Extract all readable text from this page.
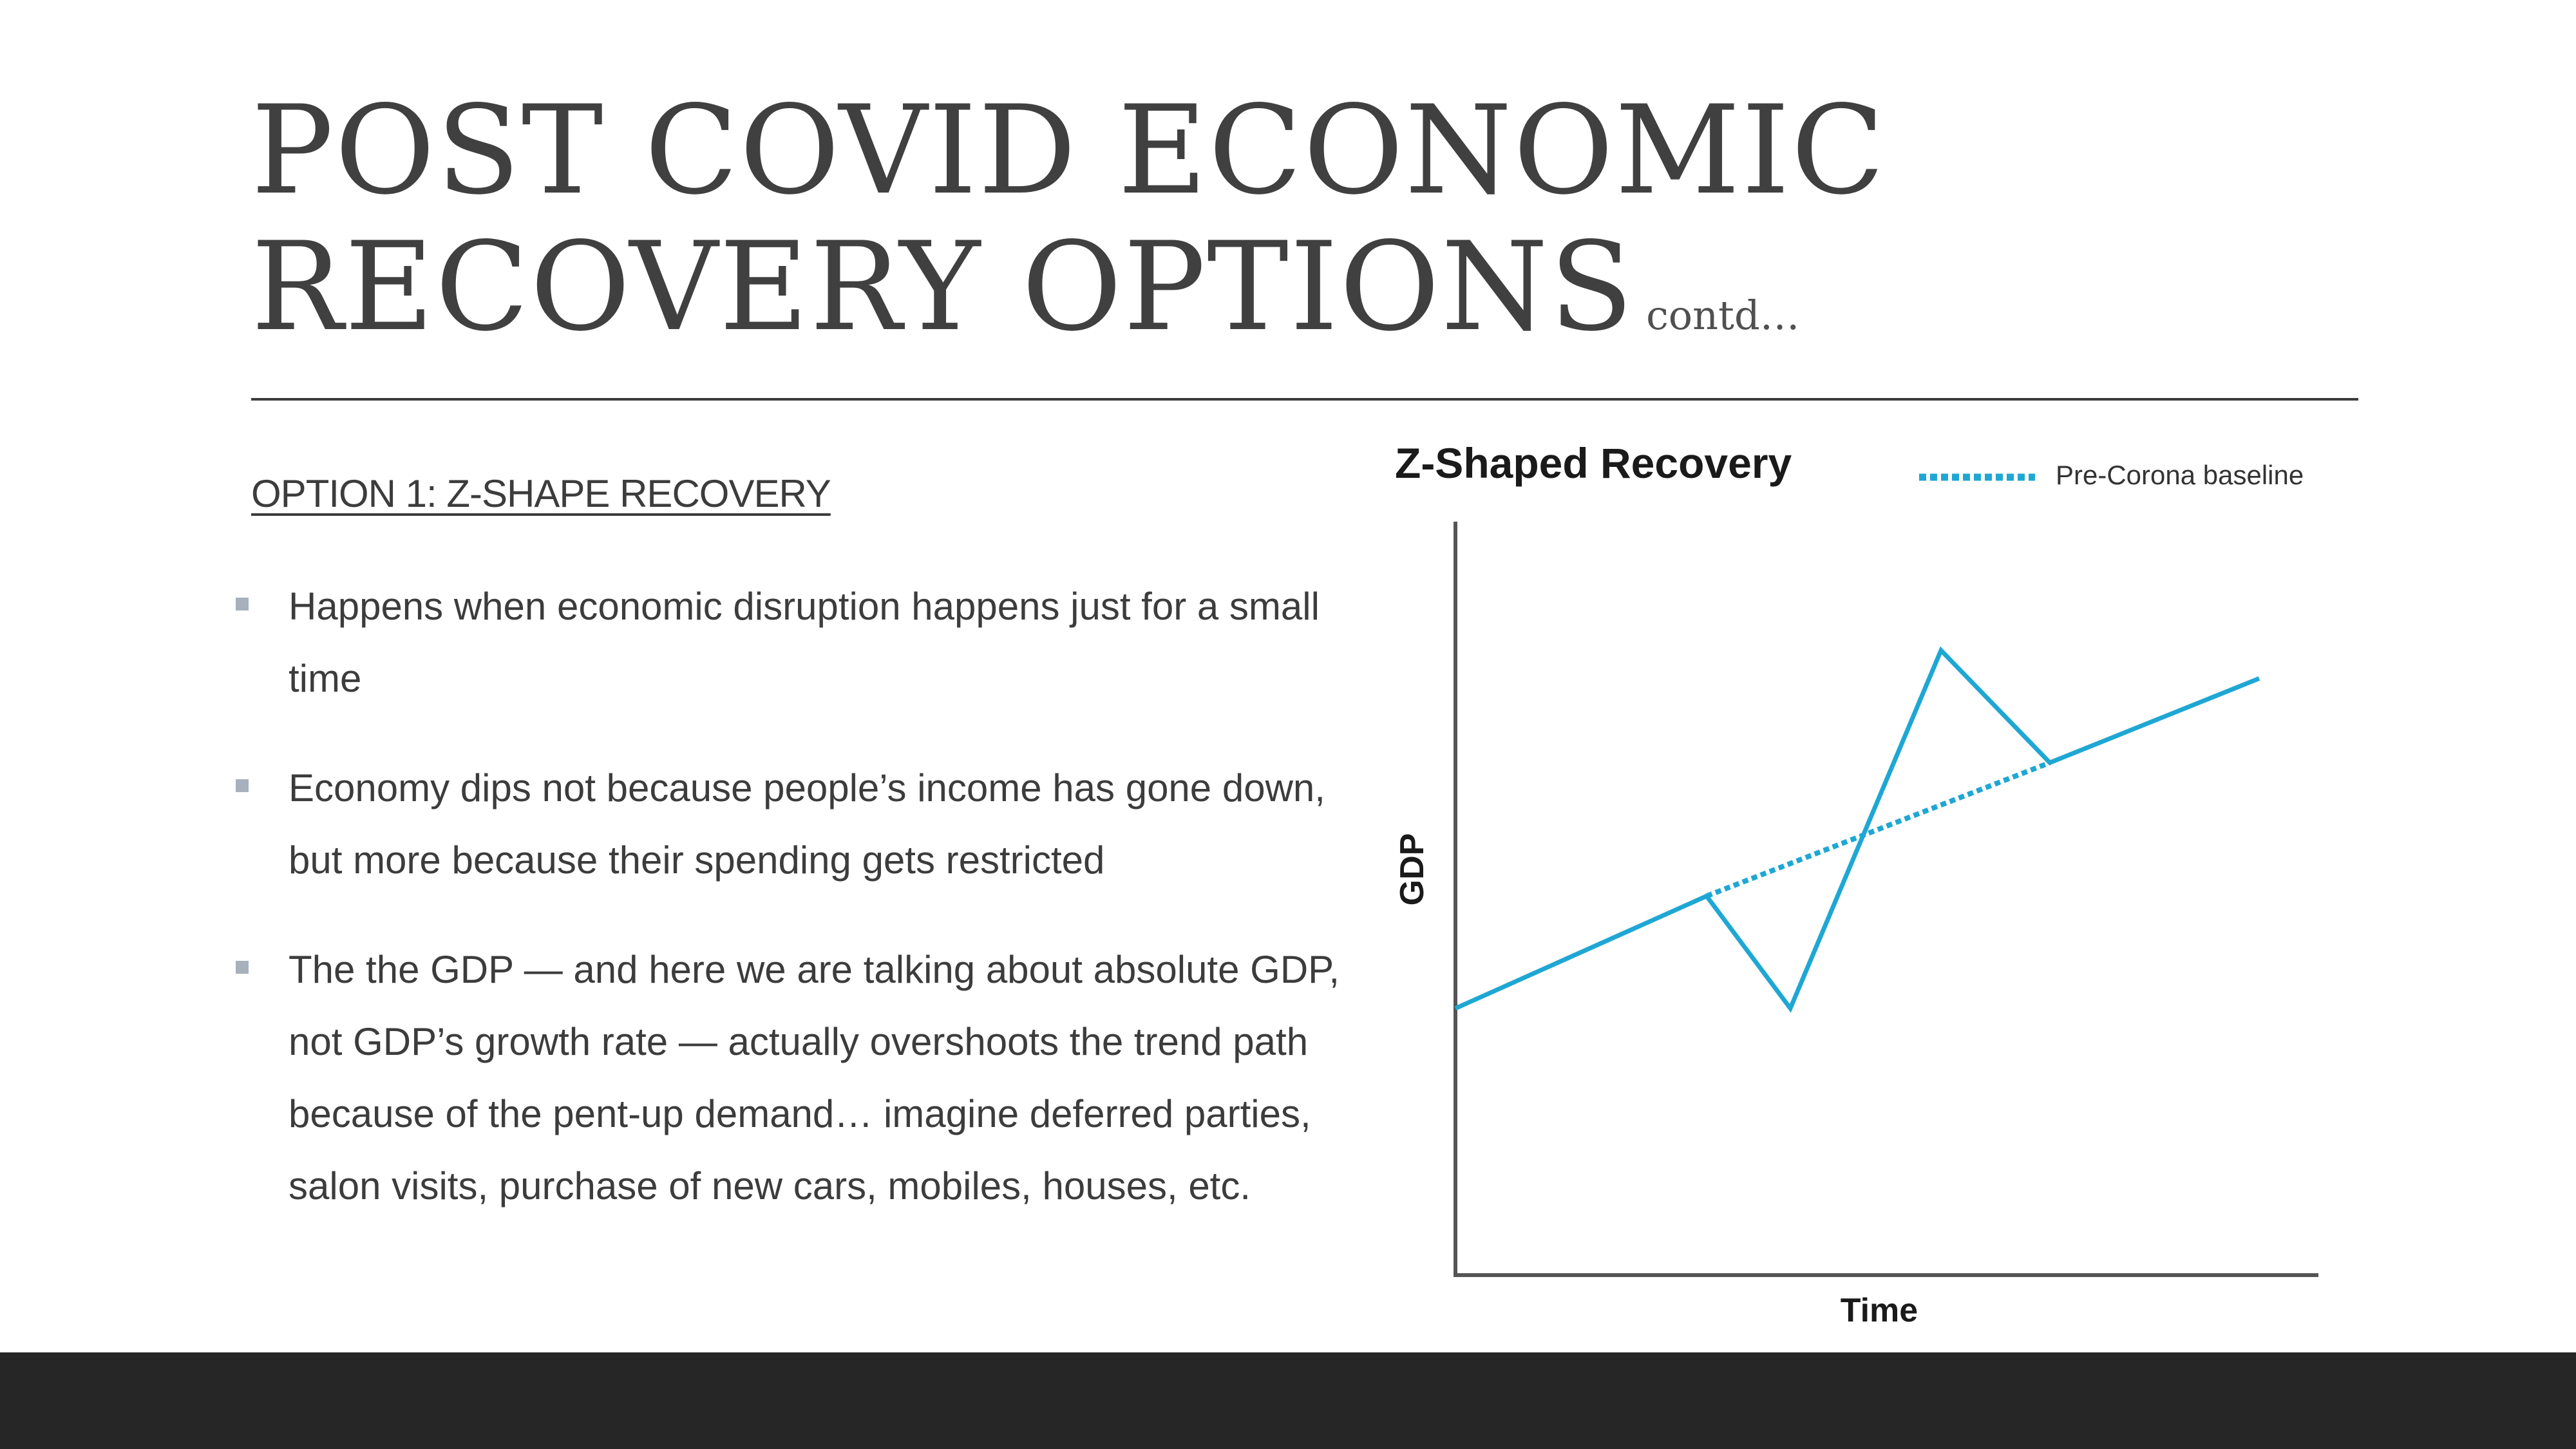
POST COVID ECONOMIC
RECOVERY OPTIONS contd…
OPTION 1: Z-SHAPE RECOVERY
Happens when economic disruption happens just for a small time
Economy dips not because people’s income has gone down, but more because their spending gets restricted
The the GDP — and here we are talking about absolute GDP, not GDP’s growth rate — actually overshoots the trend path because of the pent-up demand… imagine deferred parties, salon visits, purchase of new cars, mobiles, houses, etc.
Z-Shaped Recovery	Pre-Corona baseline
GDP
Time
